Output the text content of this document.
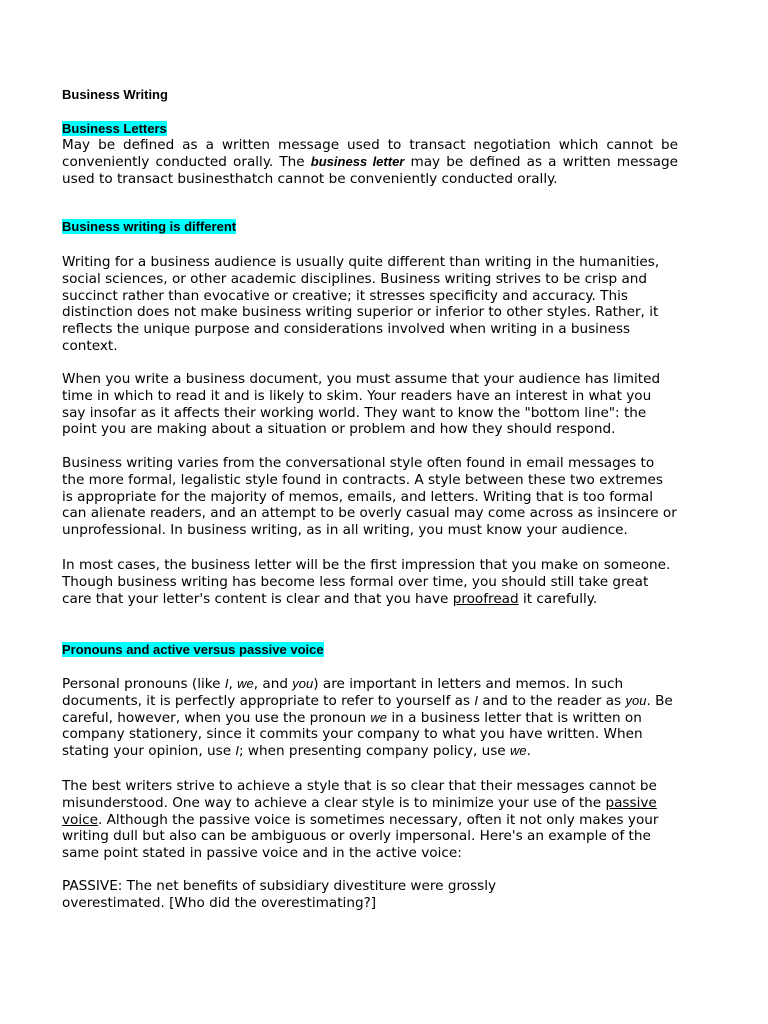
Business Writing
Business Letters

May be defined as a written message used to transact negotiation which cannot be conveniently conducted orally. The business letter may be defined as a written message used to transact businesthatch cannot be conveniently conducted orally.

Business writing is different

Writing for a business audience is usually quite different than writing in the humanities, social sciences, or other academic disciplines. Business writing strives to be crisp and succinct rather than evocative or creative; it stresses specificity and accuracy. This distinction does not make business writing superior or inferior to other styles. Rather, it reflects the unique purpose and considerations involved when writing in a business context.

When you write a business document, you must assume that your audience has limited time in which to read it and is likely to skim. Your readers have an interest in what you say insofar as it affects their working world. They want to know the "bottom line": the point you are making about a situation or problem and how they should respond.

Business writing varies from the conversational style often found in email messages to the more formal, legalistic style found in contracts. A style between these two extremes is appropriate for the majority of memos, emails, and letters. Writing that is too formal can alienate readers, and an attempt to be overly casual may come across as insincere or unprofessional. In business writing, as in all writing, you must know your audience.

In most cases, the business letter will be the first impression that you make on someone. Though business writing has become less formal over time, you should still take great care that your letter's content is clear and that you have proofread it carefully.

Pronouns and active versus passive voice

Personal pronouns (like I, we, and you) are important in letters and memos. In such documents, it is perfectly appropriate to refer to yourself as I and to the reader as you. Be careful, however, when you use the pronoun we in a business letter that is written on company stationery, since it commits your company to what you have written. When stating your opinion, use I; when presenting company policy, use we.

The best writers strive to achieve a style that is so clear that their messages cannot be misunderstood. One way to achieve a clear style is to minimize your use of the passive voice. Although the passive voice is sometimes necessary, often it not only makes your writing dull but also can be ambiguous or overly impersonal. Here's an example of the same point stated in passive voice and in the active voice:

PASSIVE: The net benefits of subsidiary divestiture were grossly
overestimated. [Who did the overestimating?]
